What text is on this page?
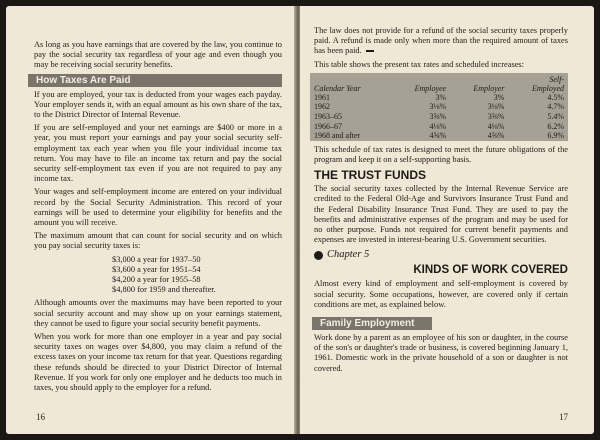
As long as you have earnings that are covered by the law, you continue to pay the social security tax regardless of your age and even though you may be receiving social security benefits.

How Taxes Are Paid

If you are employed, your tax is deducted from your wages each payday. Your employer sends it, with an equal amount as his own share of the tax, to the District Director of Internal Revenue.

If you are self-employed and your net earnings are $400 or more in a year, you must report your earnings and pay your social security self-employment tax each year when you file your individual income tax return. You may have to file an income tax return and pay the social security self-employment tax even if you are not required to pay any income tax.

Your wages and self-employment income are entered on your individual record by the Social Security Administration. This record of your earnings will be used to determine your eligibility for benefits and the amount you will receive.

The maximum amount that can count for social security and on which you pay social security taxes is:

$3,000 a year for 1937–50
$3,600 a year for 1951–54
$4,200 a year for 1955–58
$4,800 for 1959 and thereafter.

Although amounts over the maximums may have been reported to your social security account and may show up on your earnings statement, they cannot be used to figure your social security benefit payments.

When you work for more than one employer in a year and pay social security taxes on wages over $4,800, you may claim a refund of the excess taxes on your income tax return for that year. Questions regarding these refunds should be directed to your District Director of Internal Revenue. If you work for only one employer and he deducts too much in taxes, you should apply to the employer for a refund.

16

The law does not provide for a refund of the social security taxes properly paid. A refund is made only when more than the required amount of taxes has been paid.

This table shows the present tax rates and scheduled increases:

			Self-
Calendar Year	Employee	Employer	Employed
1961	3%	3%	4.5%
1962	3⅛%	3⅛%	4.7%
1963–65	3⅝%	3⅝%	5.4%
1966–67	4⅛%	4⅛%	6.2%
1968 and after	4⅝%	4⅝%	6.9%

This schedule of tax rates is designed to meet the future obligations of the program and keep it on a self-supporting basis.

THE TRUST FUNDS

The social security taxes collected by the Internal Revenue Service are credited to the Federal Old-Age and Survivors Insurance Trust Fund and the Federal Disability Insurance Trust Fund. They are used to pay the benefits and administrative expenses of the program and may be used for no other purpose. Funds not required for current benefit payments and expenses are invested in interest-bearing U.S. Government securities.

Chapter 5
KINDS OF WORK COVERED

Almost every kind of employment and self-employment is covered by social security. Some occupations, however, are covered only if certain conditions are met, as explained below.

Family Employment

Work done by a parent as an employee of his son or daughter, in the course of the son's or daughter's trade or business, is covered beginning January 1, 1961. Domestic work in the private household of a son or daughter is not covered.

17
